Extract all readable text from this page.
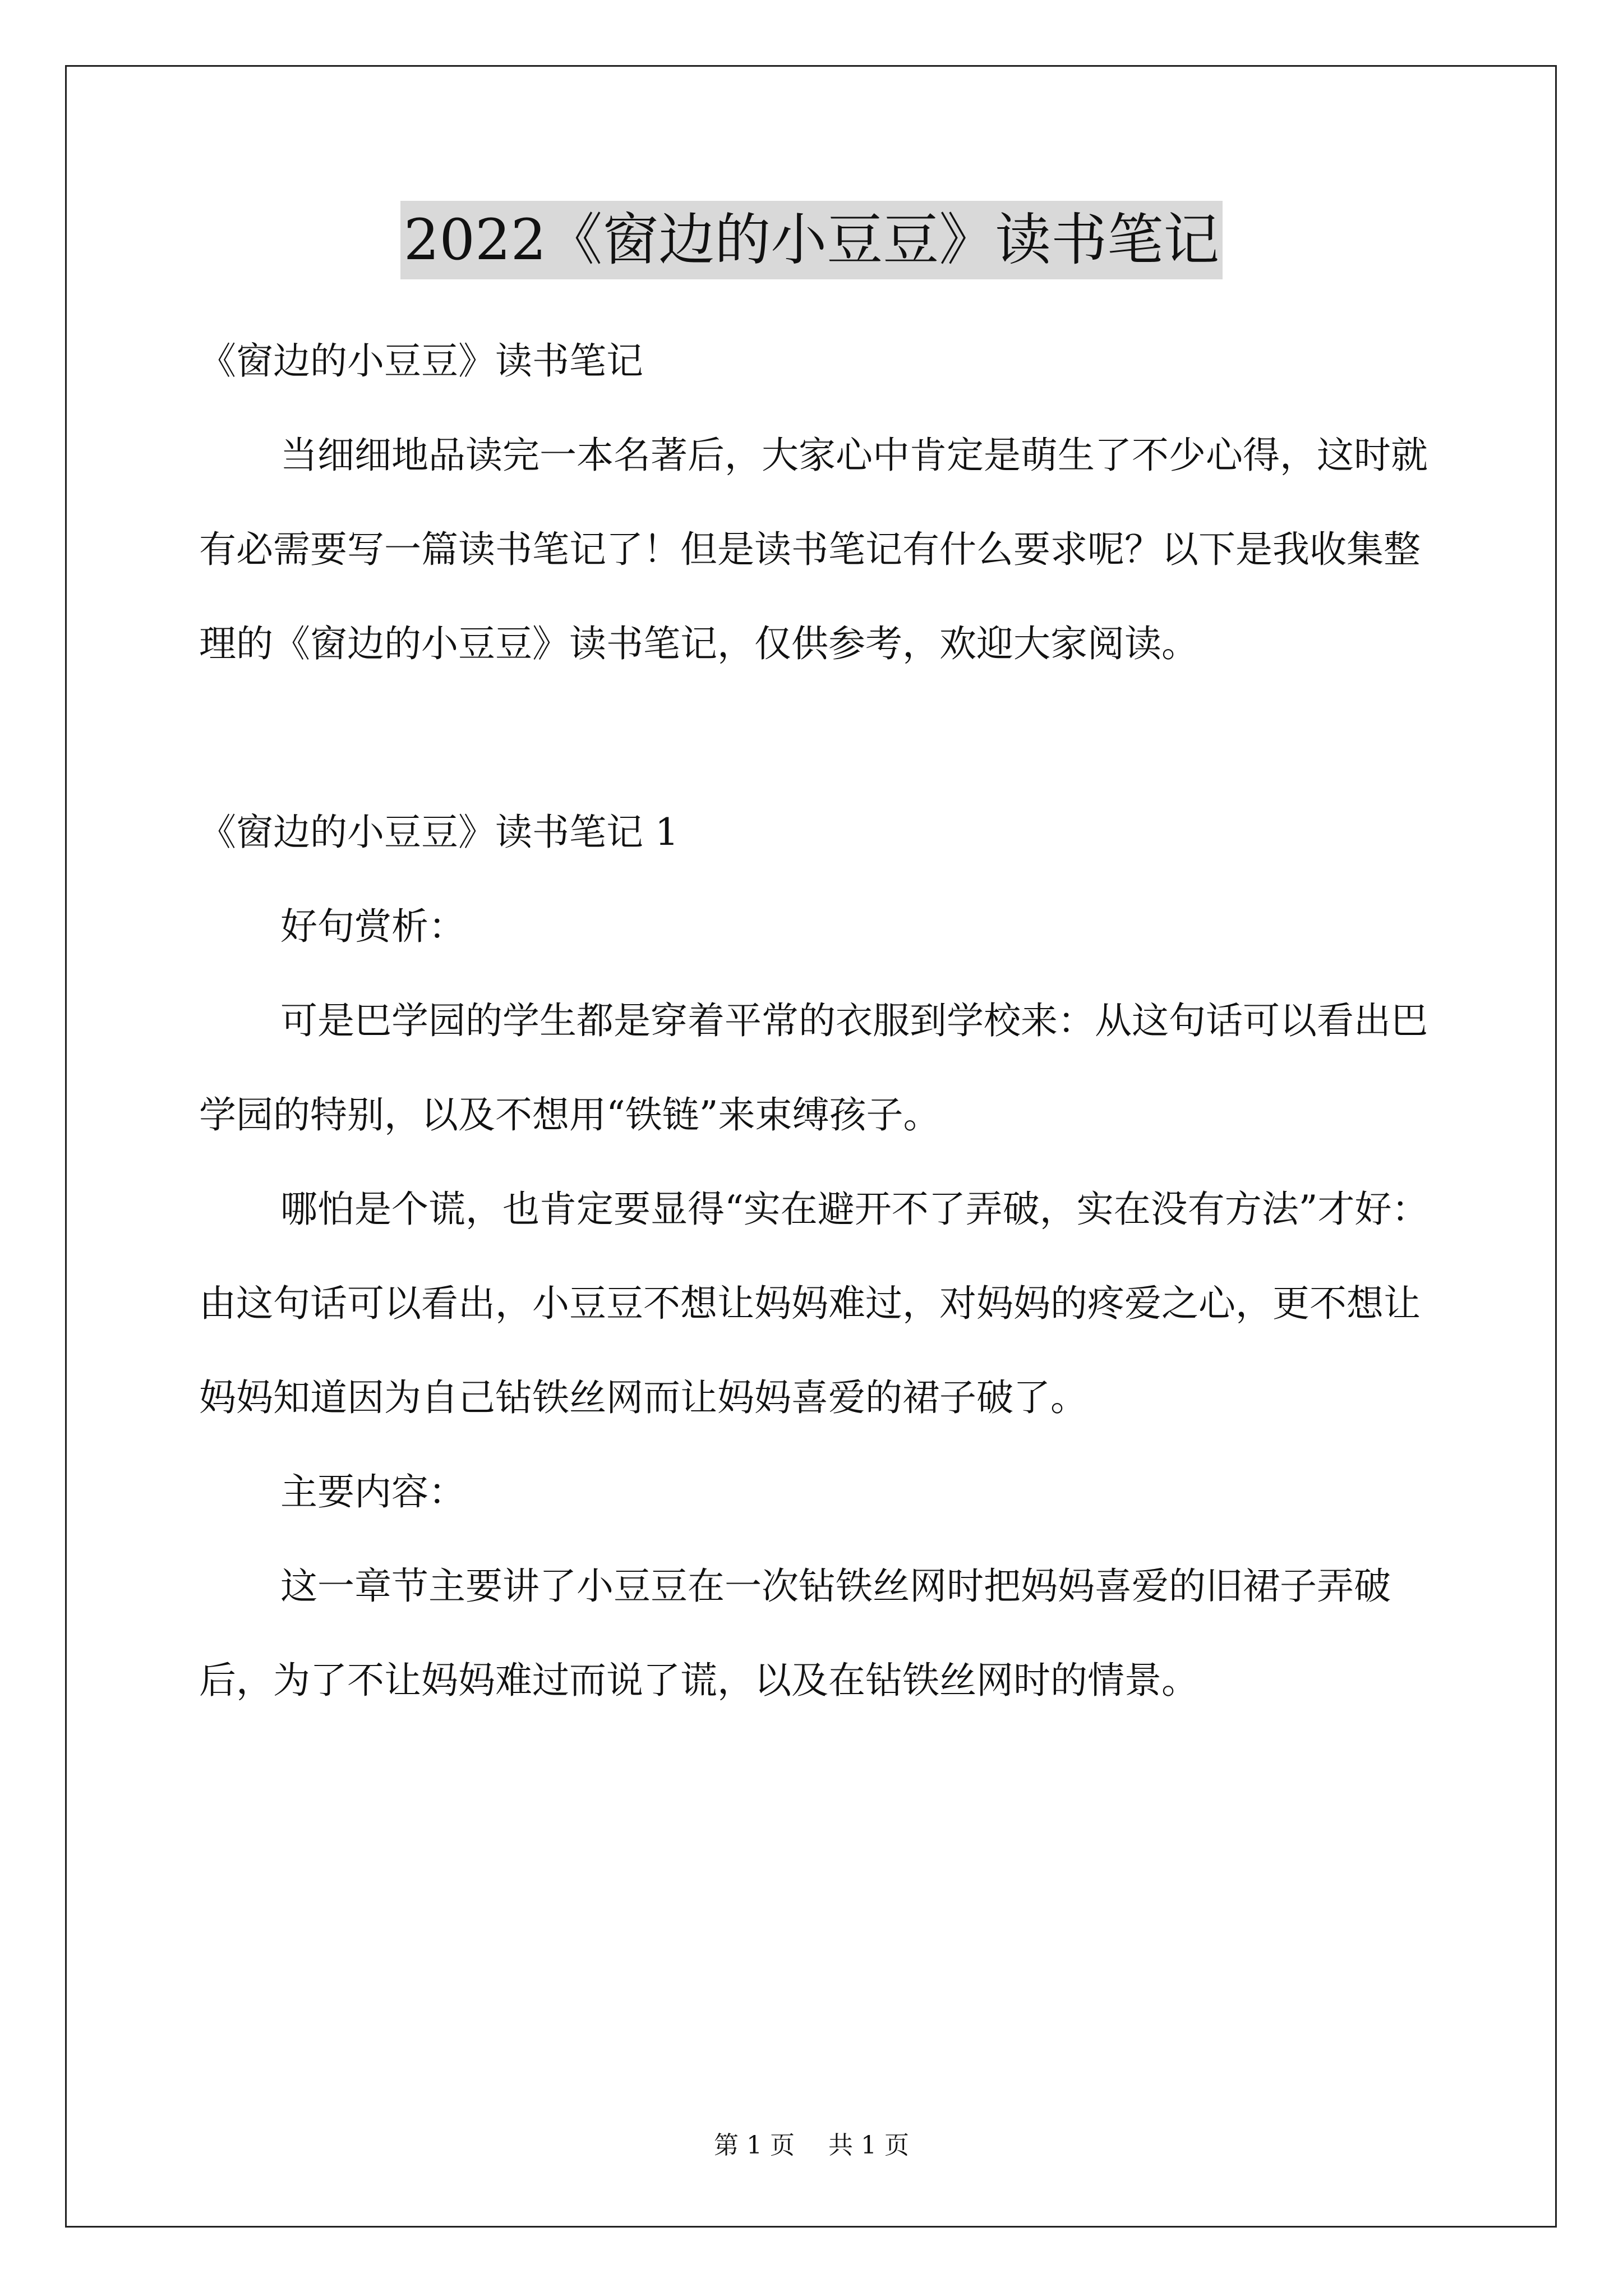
2022《窗边的小豆豆》读书笔记

《窗边的小豆豆》读书笔记

当细细地品读完一本名著后，大家心中肯定是萌生了不少心得，这时就有必需要写一篇读书笔记了！但是读书笔记有什么要求呢？以下是我收集整理的《窗边的小豆豆》读书笔记，仅供参考，欢迎大家阅读。

《窗边的小豆豆》读书笔记 1

好句赏析：

可是巴学园的学生都是穿着平常的衣服到学校来：从这句话可以看出巴学园的特别，以及不想用“铁链”来束缚孩子。

哪怕是个谎，也肯定要显得“实在避开不了弄破，实在没有方法”才好：由这句话可以看出，小豆豆不想让妈妈难过，对妈妈的疼爱之心，更不想让妈妈知道因为自己钻铁丝网而让妈妈喜爱的裙子破了。

主要内容：

这一章节主要讲了小豆豆在一次钻铁丝网时把妈妈喜爱的旧裙子弄破后，为了不让妈妈难过而说了谎，以及在钻铁丝网时的情景。

第 1 页 共 1 页
